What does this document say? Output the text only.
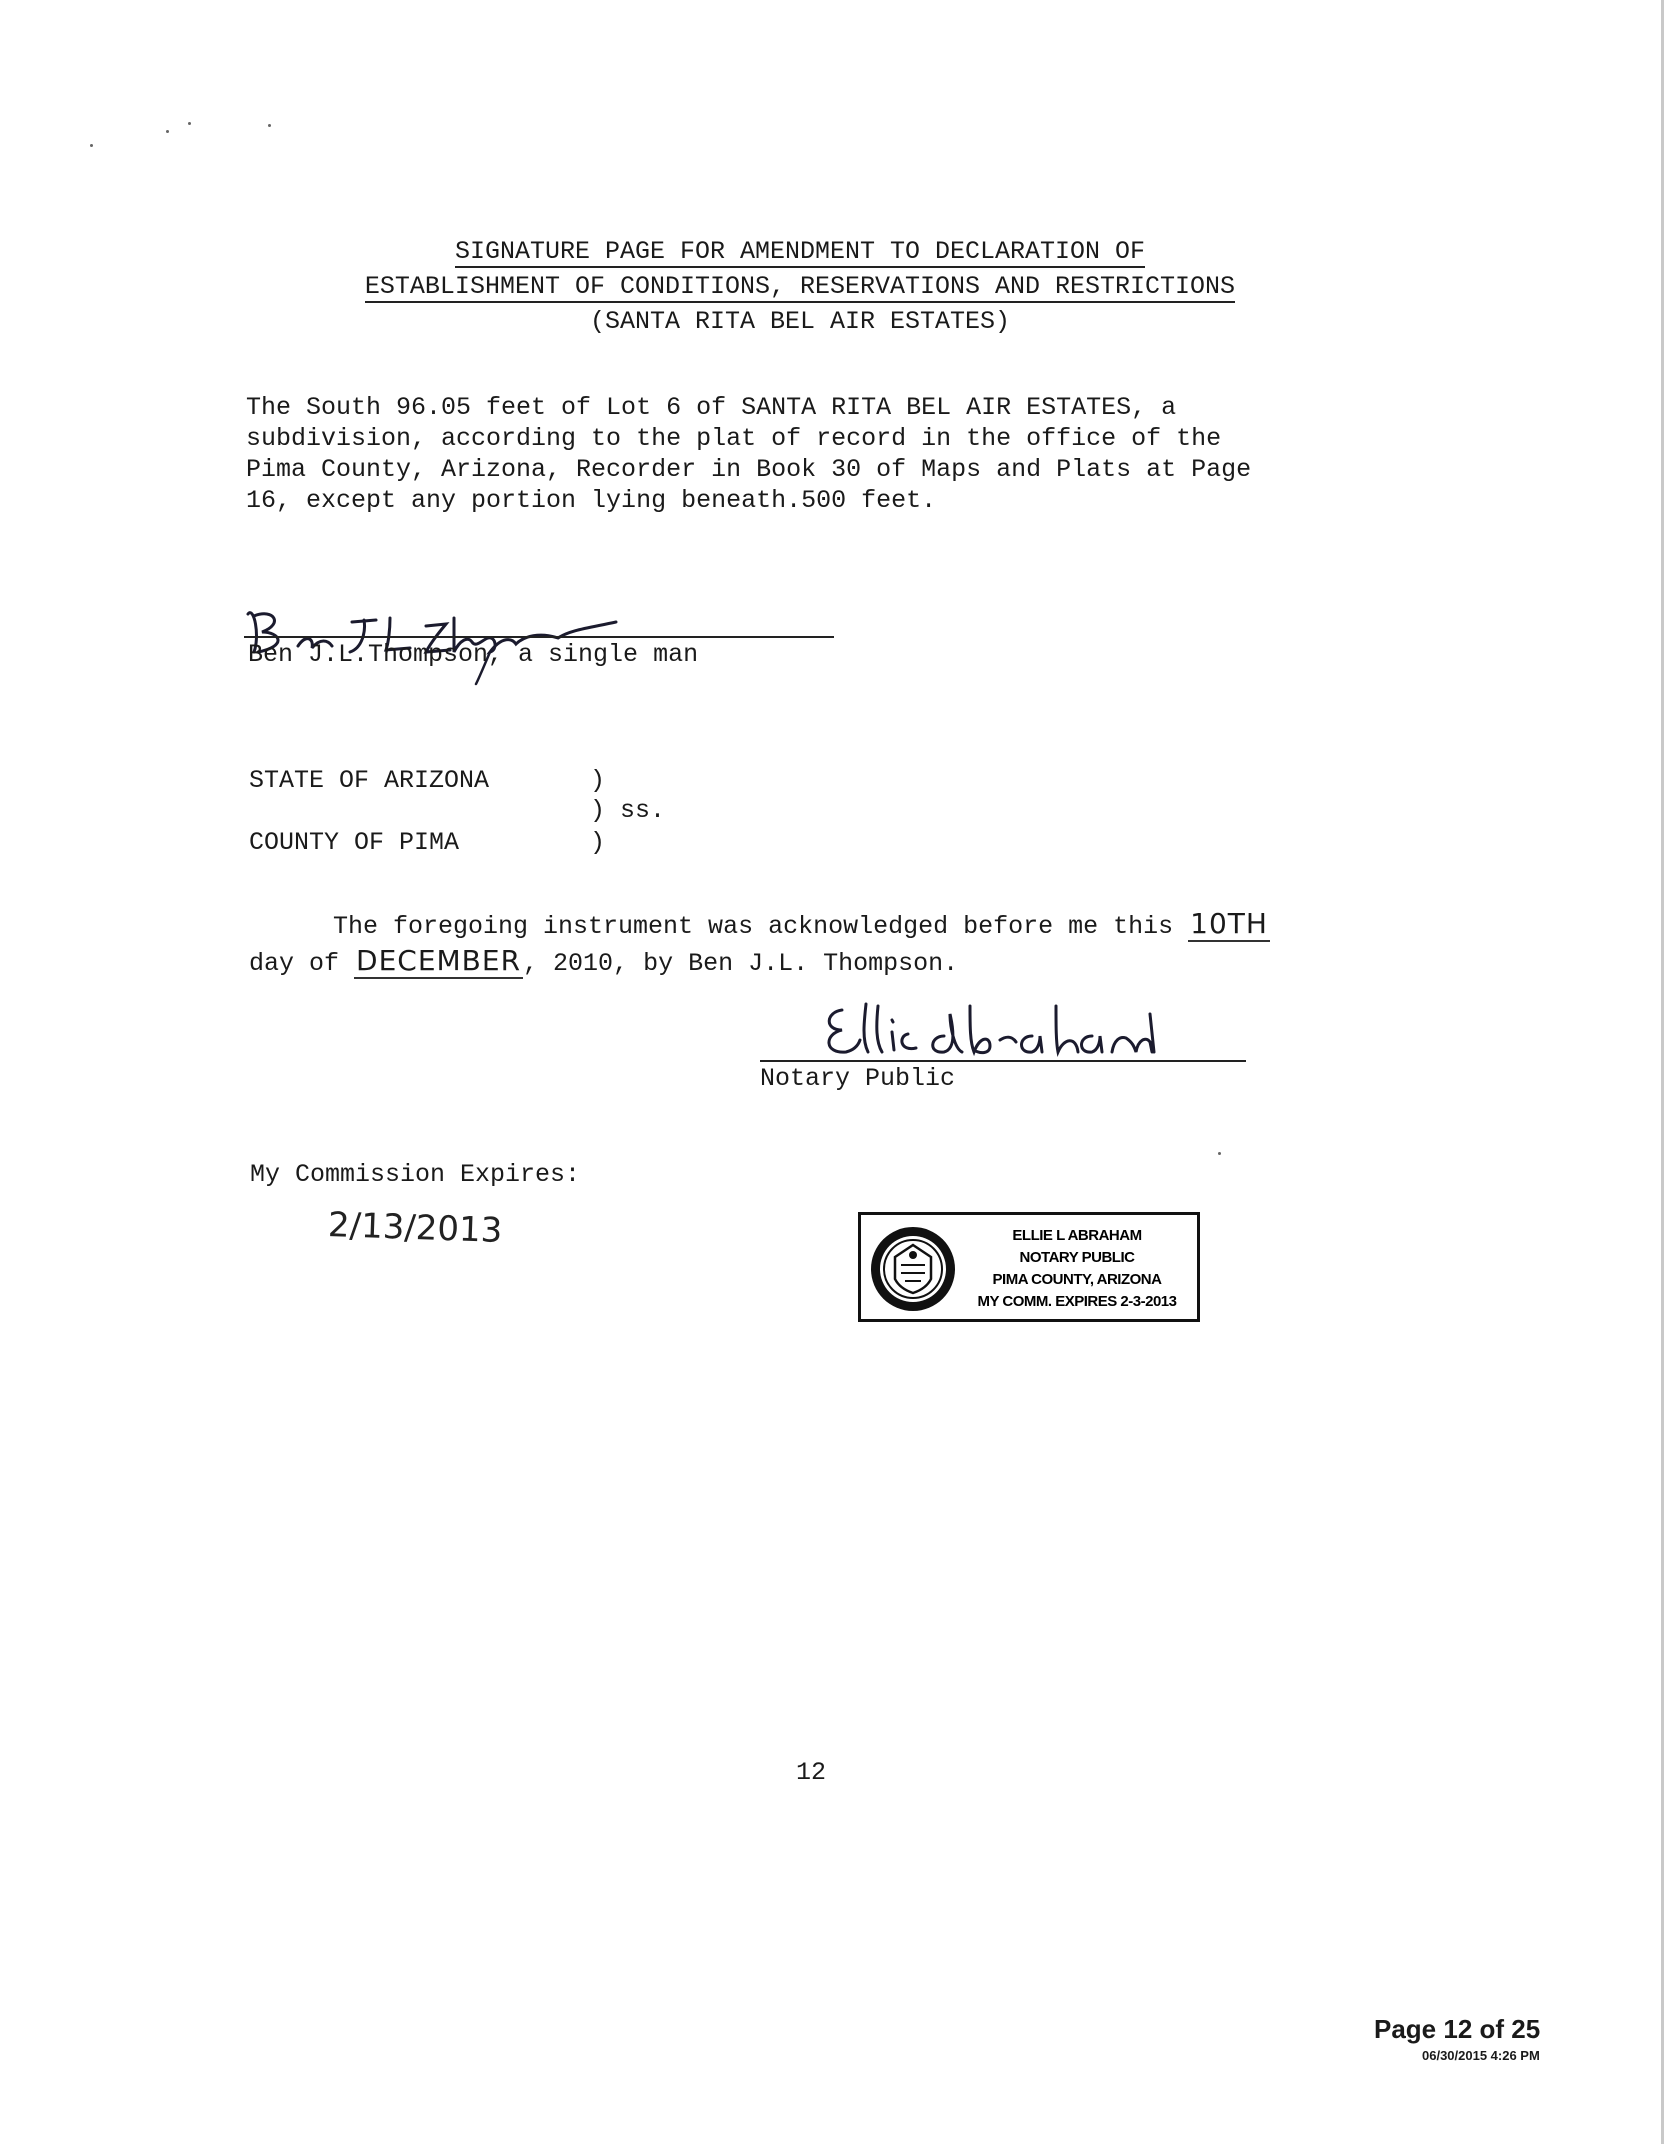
SIGNATURE PAGE FOR AMENDMENT TO DECLARATION OF
ESTABLISHMENT OF CONDITIONS, RESERVATIONS AND RESTRICTIONS
(SANTA RITA BEL AIR ESTATES)
The South 96.05 feet of Lot 6 of SANTA RITA BEL AIR ESTATES, a
subdivision, according to the plat of record in the office of the
Pima County, Arizona, Recorder in Book 30 of Maps and Plats at Page
16, except any portion lying beneath.500 feet.
Ben J.L.Thompson, a single man
STATE OF ARIZONA
COUNTY OF PIMA
)
) ss.
)
The foregoing instrument was acknowledged before me this 10TH
day of DECEMBER, 2010, by Ben J.L. Thompson.
Notary Public
My Commission Expires:
2/13/2013	ELLIE L ABRAHAM
NOTARY PUBLIC
PIMA COUNTY, ARIZONA
MY COMM. EXPIRES 2-3-2013
12
Page 12 of 25
06/30/2015 4:26 PM
